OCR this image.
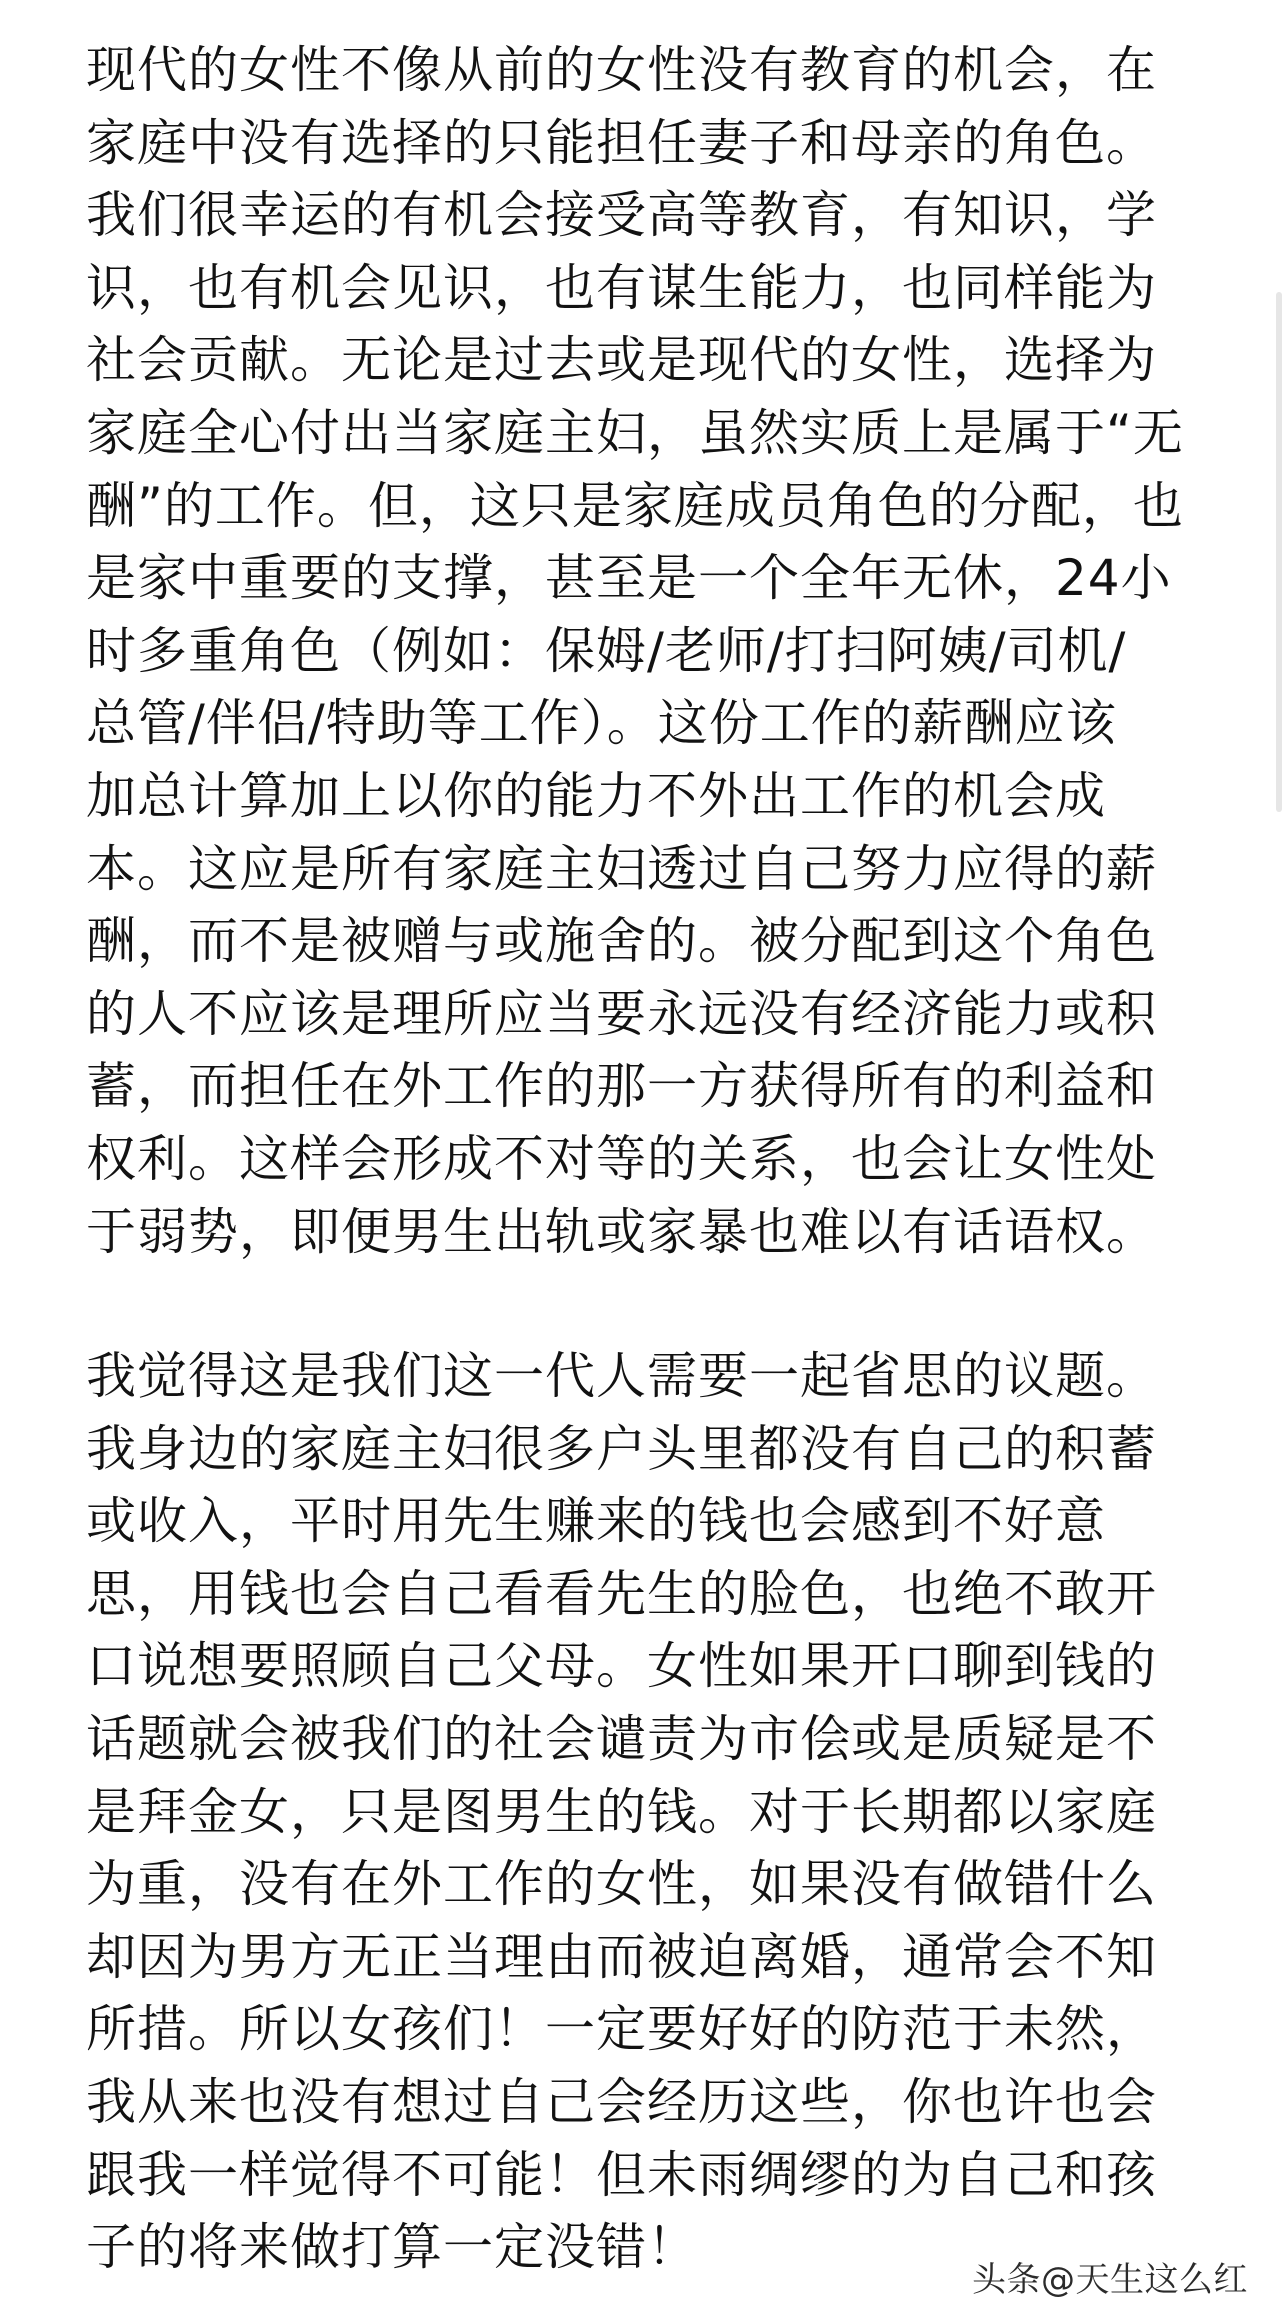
现代的女性不像从前的女性没有教育的机会，在
家庭中没有选择的只能担任妻子和母亲的角色。
我们很幸运的有机会接受高等教育，有知识，学
识，也有机会见识，也有谋生能力，也同样能为
社会贡献。无论是过去或是现代的女性，选择为
家庭全心付出当家庭主妇，虽然实质上是属于“无
酬”的工作。但，这只是家庭成员角色的分配，也
是家中重要的支撑，甚至是一个全年无休，24小
时多重角色（例如：保姆/老师/打扫阿姨/司机/
总管/伴侣/特助等工作）。这份工作的薪酬应该
加总计算加上以你的能力不外出工作的机会成
本。这应是所有家庭主妇透过自己努力应得的薪
酬，而不是被赠与或施舍的。被分配到这个角色
的人不应该是理所应当要永远没有经济能力或积
蓄，而担任在外工作的那一方获得所有的利益和
权利。这样会形成不对等的关系，也会让女性处
于弱势，即便男生出轨或家暴也难以有话语权。

我觉得这是我们这一代人需要一起省思的议题。
我身边的家庭主妇很多户头里都没有自己的积蓄
或收入，平时用先生赚来的钱也会感到不好意
思，用钱也会自己看看先生的脸色，也绝不敢开
口说想要照顾自己父母。女性如果开口聊到钱的
话题就会被我们的社会谴责为市侩或是质疑是不
是拜金女，只是图男生的钱。对于长期都以家庭
为重，没有在外工作的女性，如果没有做错什么
却因为男方无正当理由而被迫离婚，通常会不知
所措。所以女孩们！一定要好好的防范于未然，
我从来也没有想过自己会经历这些，你也许也会
跟我一样觉得不可能！但未雨绸缪的为自己和孩
子的将来做打算一定没错！

头条@天生这么红
